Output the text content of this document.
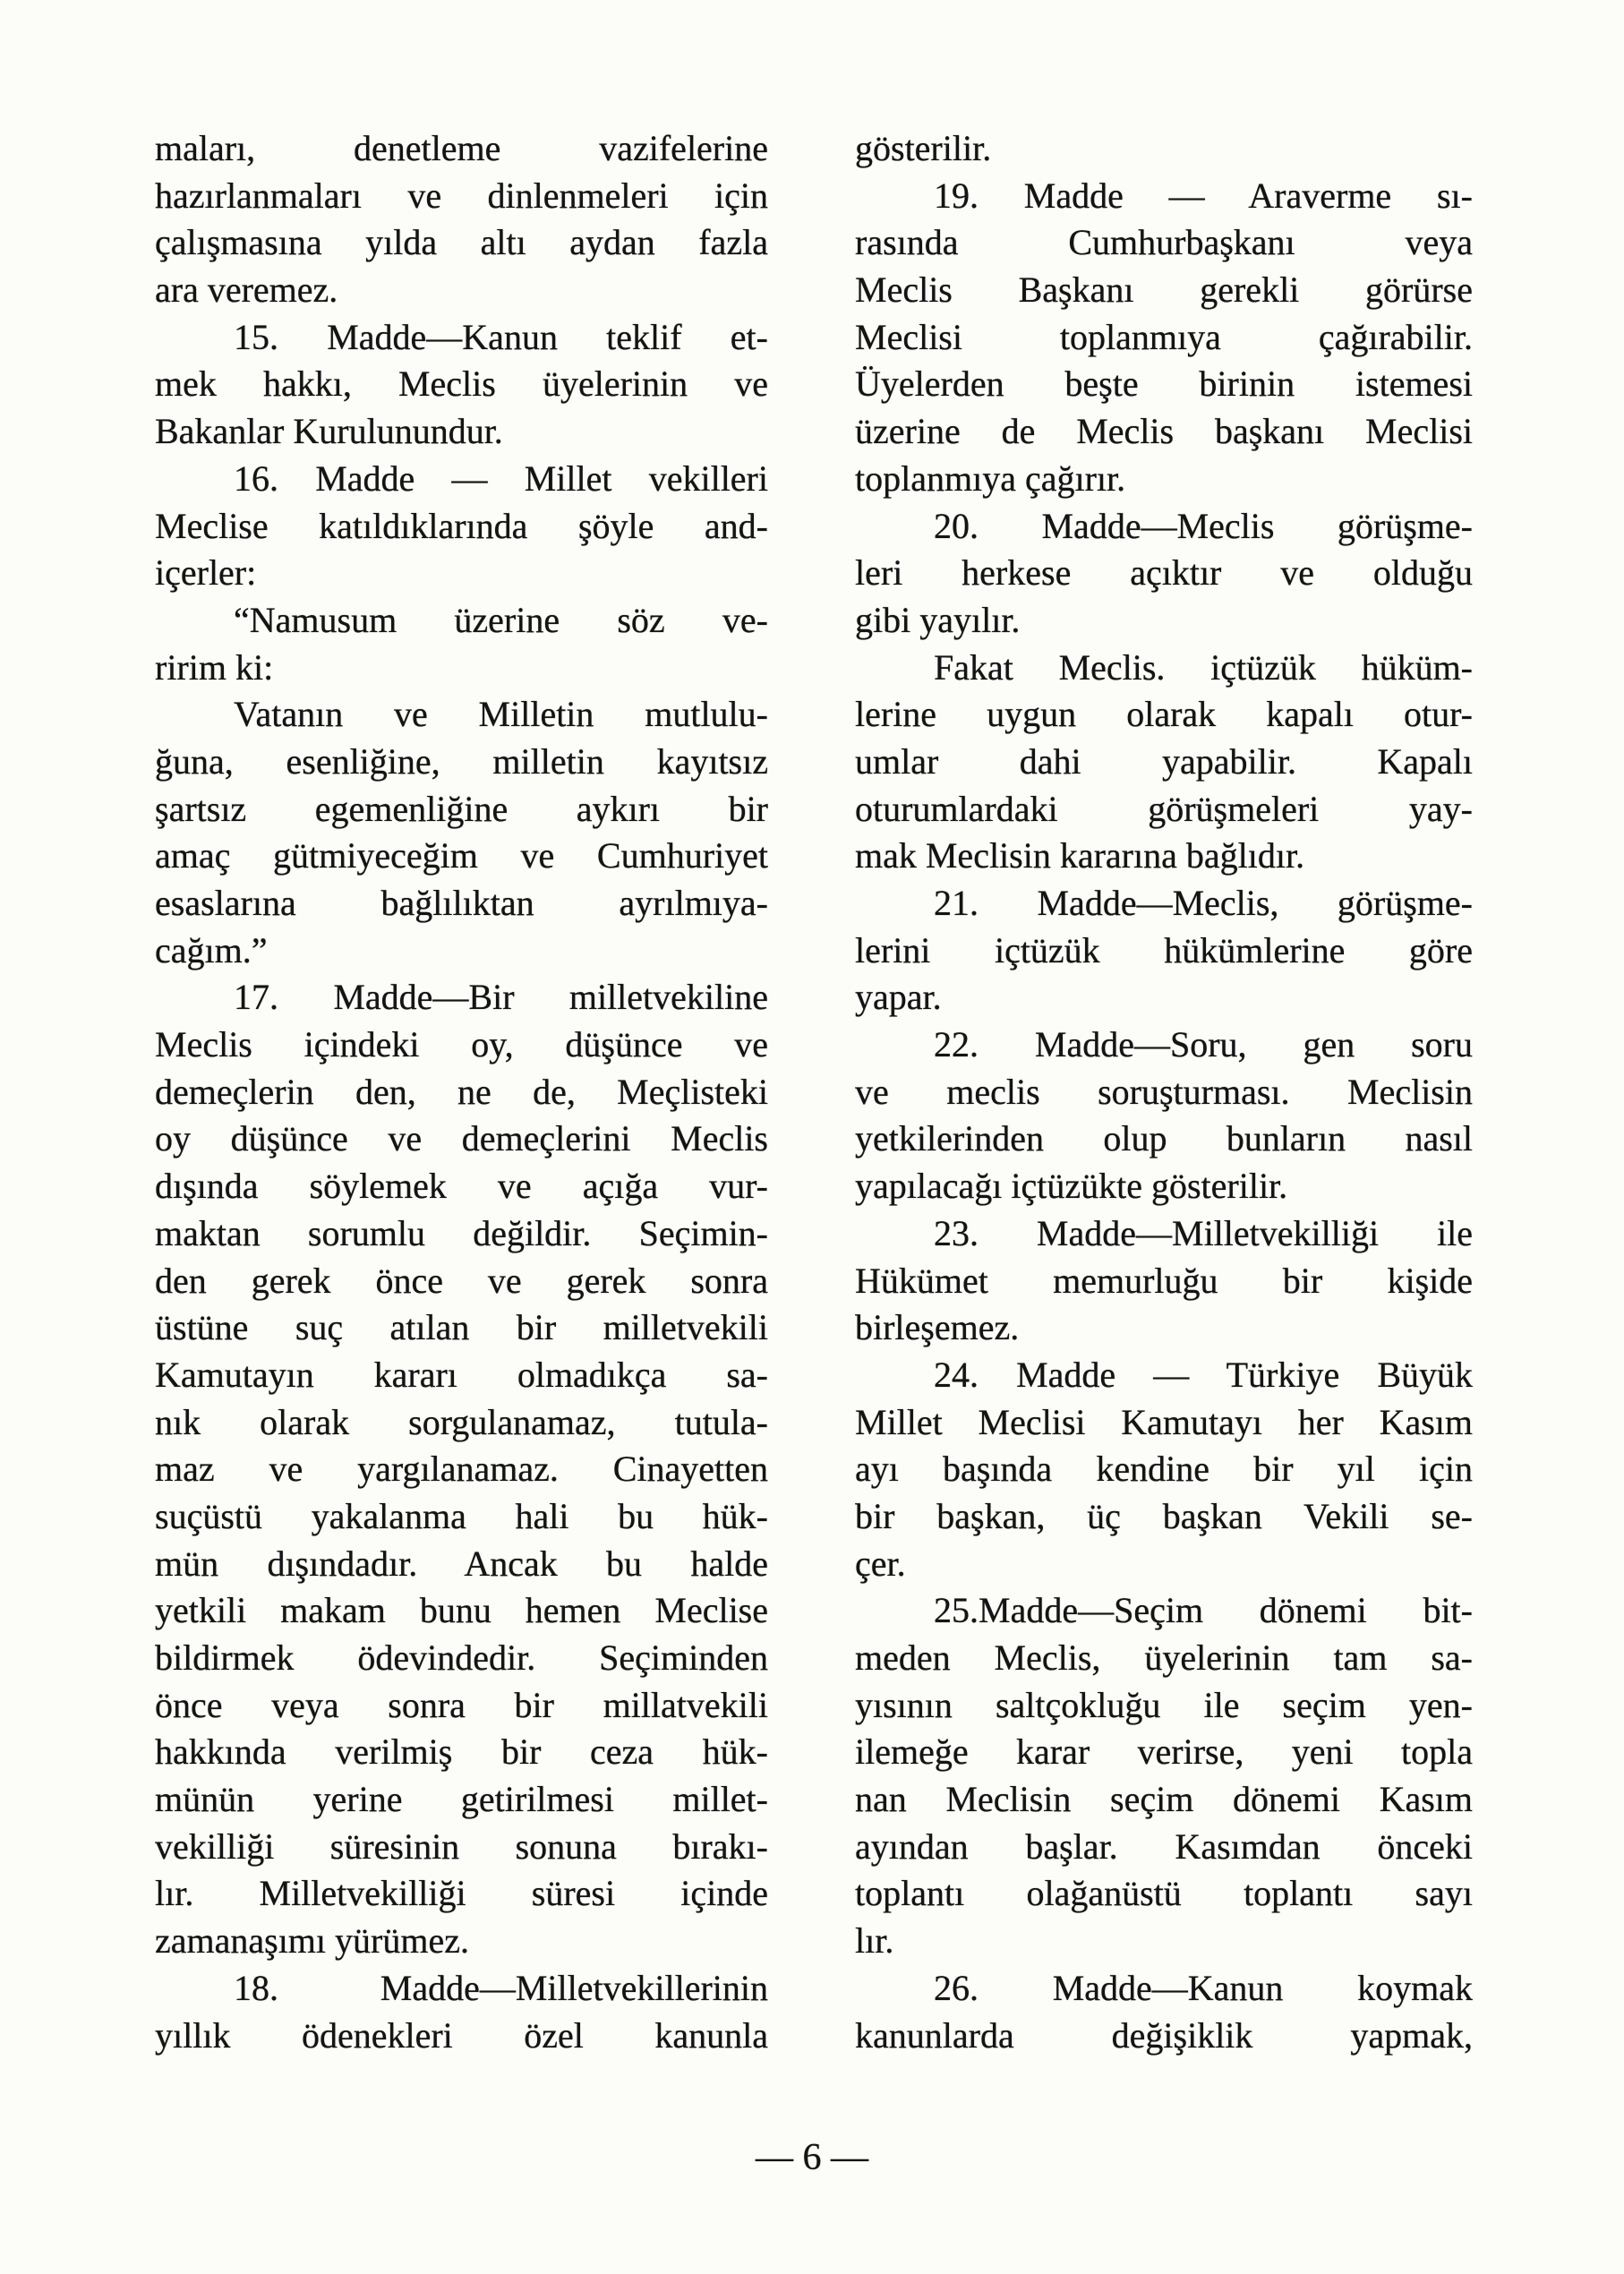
maları, denetleme vazifelerine
hazırlanmaları ve dinlenmeleri için
çalışmasına yılda altı aydan fazla
ara veremez.
15. Madde—Kanun teklif et-
mek hakkı, Meclis üyelerinin ve
Bakanlar Kurulunundur.
16. Madde — Millet vekilleri
Meclise katıldıklarında şöyle and-
içerler:
“Namusum üzerine söz ve-
ririm ki:
Vatanın ve Milletin mutlulu-
ğuna, esenliğine, milletin kayıtsız
şartsız egemenliğine aykırı bir
amaç gütmiyeceğim ve Cumhuriyet
esaslarına bağlılıktan ayrılmıya-
cağım.”
17. Madde—Bir milletvekiline
Meclis içindeki oy, düşünce ve
demeçlerin den, ne de, Meçlisteki
oy düşünce ve demeçlerini Meclis
dışında söylemek ve açığa vur-
maktan sorumlu değildir. Seçimin-
den gerek önce ve gerek sonra
üstüne suç atılan bir milletvekili
Kamutayın kararı olmadıkça sa-
nık olarak sorgulanamaz, tutula-
maz ve yargılanamaz. Cinayetten
suçüstü yakalanma hali bu hük-
mün dışındadır. Ancak bu halde
yetkili makam bunu hemen Meclise
bildirmek ödevindedir. Seçiminden
önce veya sonra bir millatvekili
hakkında verilmiş bir ceza hük-
münün yerine getirilmesi millet-
vekilliği süresinin sonuna bırakı-
lır. Milletvekilliği süresi içinde
zamanaşımı yürümez.
18. Madde—Milletvekillerinin
yıllık ödenekleri özel kanunla
gösterilir.
19. Madde — Araverme sı-
rasında Cumhurbaşkanı veya
Meclis Başkanı gerekli görürse
Meclisi toplanmıya çağırabilir.
Üyelerden beşte birinin istemesi
üzerine de Meclis başkanı Meclisi
toplanmıya çağırır.
20. Madde—Meclis görüşme-
leri herkese açıktır ve olduğu
gibi yayılır.
Fakat Meclis. içtüzük hüküm-
lerine uygun olarak kapalı otur-
umlar dahi yapabilir. Kapalı
oturumlardaki görüşmeleri yay-
mak Meclisin kararına bağlıdır.
21. Madde—Meclis, görüşme-
lerini içtüzük hükümlerine göre
yapar.
22. Madde—Soru, gen soru
ve meclis soruşturması. Meclisin
yetkilerinden olup bunların nasıl
yapılacağı içtüzükte gösterilir.
23. Madde—Milletvekilliği ile
Hükümet memurluğu bir kişide
birleşemez.
24. Madde — Türkiye Büyük
Millet Meclisi Kamutayı her Kasım
ayı başında kendine bir yıl için
bir başkan, üç başkan Vekili se-
çer.
25.Madde—Seçim dönemi bit-
meden Meclis, üyelerinin tam sa-
yısının saltçokluğu ile seçim yen-
ilemeğe karar verirse, yeni topla
nan Meclisin seçim dönemi Kasım
ayından başlar. Kasımdan önceki
toplantı olağanüstü toplantı sayı
lır.
26. Madde—Kanun koymak
kanunlarda değişiklik yapmak,
— 6 —
